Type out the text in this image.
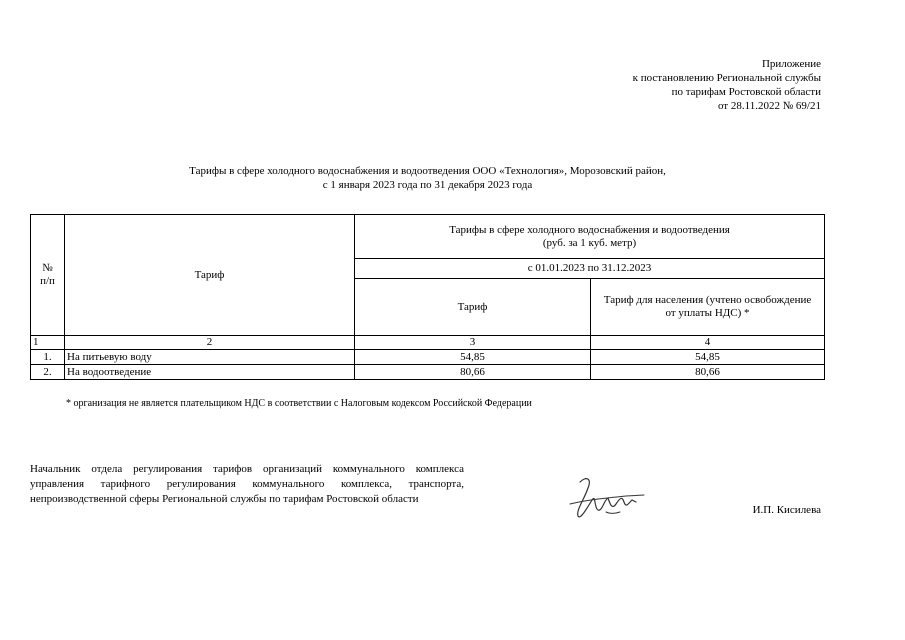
Приложение
к постановлению Региональной службы
по тарифам Ростовской области
от 28.11.2022 № 69/21
Тарифы в сфере холодного водоснабжения и водоотведения ООО «Технология», Морозовский район,
с 1 января 2023 года по 31 декабря 2023 года
№
п/п	Тариф	Тарифы в сфере холодного водоснабжения и водоотведения
(руб. за 1 куб. метр)	
		с 01.01.2023 по 31.12.2023	
		Тариф	Тариф для населения (учтено освобождение
от уплаты НДС) *
1	2	3	4
1.	На питьевую воду	54,85	54,85
2.	На водоотведение	80,66	80,66
* организация не является плательщиком НДС в соответствии с Налоговым кодексом Российской Федерации
Начальник отдела регулирования тарифов организаций коммунального комплекса управления тарифного регулирования коммунального комплекса, транспорта, непроизводственной сферы Региональной службы по тарифам Ростовской области
И.П. Кисилева
